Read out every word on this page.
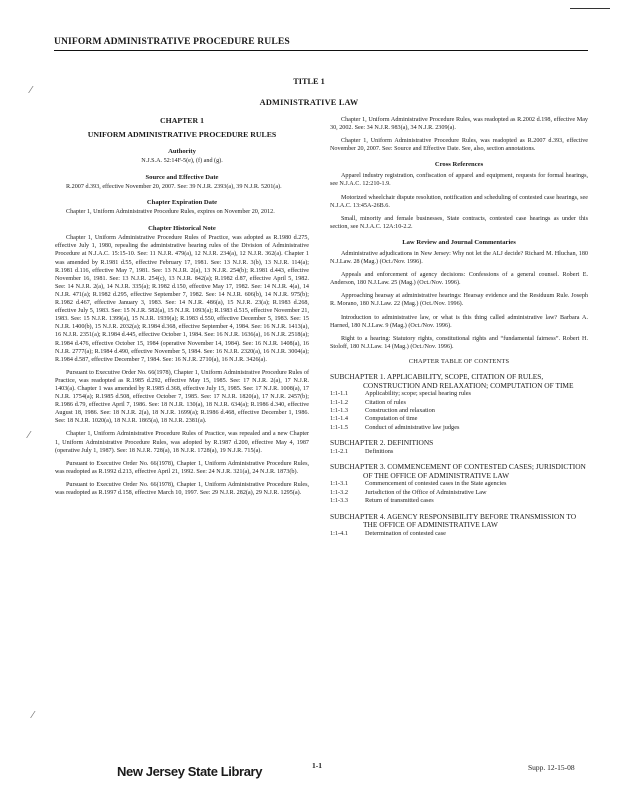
UNIFORM ADMINISTRATIVE PROCEDURE RULES
TITLE 1
ADMINISTRATIVE LAW
⁄
⁄
⁄
CHAPTER 1
UNIFORM ADMINISTRATIVE PROCEDURE RULES
Authority
N.J.S.A. 52:14F-5(e), (f) and (g).
Source and Effective Date
R.2007 d.393, effective November 20, 2007. See: 39 N.J.R. 2393(a), 39 N.J.R. 5201(a).
Chapter Expiration Date
Chapter 1, Uniform Administrative Procedure Rules, expires on November 20, 2012.
Chapter Historical Note
Chapter 1, Uniform Administrative Procedure Rules of Practice, was adopted as R.1980 d.275, effective July 1, 1980, repealing the administrative hearing rules of the Division of Administrative Procedure at N.J.A.C. 15:15-10. See: 11 N.J.R. 479(a), 12 N.J.R. 234(a), 12 N.J.R. 362(a). Chapter 1 was amended by R.1981 d.55, effective February 17, 1981. See: 13 N.J.R. 3(b), 13 N.J.R. 114(a); R.1981 d.116, effective May 7, 1981. See: 13 N.J.R. 2(a), 13 N.J.R. 254(b); R.1981 d.443, effective November 16, 1981. See: 13 N.J.R. 254(c), 13 N.J.R. 842(a); R.1982 d.87, effective April 5, 1982. See: 14 N.J.R. 2(a), 14 N.J.R. 335(a); R.1982 d.150, effective May 17, 1982. See: 14 N.J.R. 4(a), 14 N.J.R. 471(a); R.1982 d.295, effective September 7, 1982. See: 14 N.J.R. 606(b), 14 N.J.R. 975(b); R.1982 d.467, effective January 3, 1983. See: 14 N.J.R. 486(a), 15 N.J.R. 23(a); R.1983 d.268, effective July 5, 1983. See: 15 N.J.R. 582(a), 15 N.J.R. 1093(a); R.1983 d.515, effective November 21, 1983. See: 15 N.J.R. 1399(a), 15 N.J.R. 1939(a); R.1983 d.550, effective December 5, 1983. See: 15 N.J.R. 1400(b), 15 N.J.R. 2032(a); R.1984 d.368, effective September 4, 1984. See: 16 N.J.R. 1413(a), 16 N.J.R. 2351(a); R.1984 d.445, effective October 1, 1984. See: 16 N.J.R. 1636(a), 16 N.J.R. 2518(a); R.1984 d.476, effective October 15, 1984 (operative November 14, 1984). See: 16 N.J.R. 1408(a), 16 N.J.R. 2777(a); R.1984 d.490, effective November 5, 1984. See: 16 N.J.R. 2320(a), 16 N.J.R. 3004(a); R.1984 d.587, effective December 7, 1984. See: 16 N.J.R. 2710(a), 16 N.J.R. 3426(a).
Pursuant to Executive Order No. 66(1978), Chapter 1, Uniform Administrative Procedure Rules of Practice, was readopted as R.1985 d.292, effective May 15, 1985. See: 17 N.J.R. 2(a), 17 N.J.R. 1403(a). Chapter 1 was amended by R.1985 d.368, effective July 15, 1985. See: 17 N.J.R. 1008(a), 17 N.J.R. 1754(a); R.1985 d.508, effective October 7, 1985. See: 17 N.J.R. 1820(a), 17 N.J.R. 2457(b); R.1986 d.79, effective April 7, 1986. See: 18 N.J.R. 130(a), 18 N.J.R. 634(a); R.1986 d.340, effective August 18, 1986. See: 18 N.J.R. 2(a), 18 N.J.R. 1699(a); R.1986 d.468, effective December 1, 1986. See: 18 N.J.R. 1020(a), 18 N.J.R. 1865(a), 18 N.J.R. 2381(a).
Chapter 1, Uniform Administrative Procedure Rules of Practice, was repealed and a new Chapter 1, Uniform Administrative Procedure Rules, was adopted by R.1987 d.200, effective May 4, 1987 (operative July 1, 1987). See: 18 N.J.R. 728(a), 18 N.J.R. 1728(a), 19 N.J.R. 715(a).
Pursuant to Executive Order No. 66(1978), Chapter 1, Uniform Administrative Procedure Rules, was readopted as R.1992 d.213, effective April 21, 1992. See: 24 N.J.R. 321(a), 24 N.J.R. 1873(b).
Pursuant to Executive Order No. 66(1978), Chapter 1, Uniform Administrative Procedure Rules, was readopted as R.1997 d.158, effective March 10, 1997. See: 29 N.J.R. 282(a), 29 N.J.R. 1295(a).
Chapter 1, Uniform Administrative Procedure Rules, was readopted as R.2002 d.198, effective May 30, 2002. See: 34 N.J.R. 983(a), 34 N.J.R. 2309(a).
Chapter 1, Uniform Administrative Procedure Rules, was readopted as R.2007 d.393, effective November 20, 2007. See: Source and Effective Date. See, also, section annotations.
Cross References
Apparel industry registration, confiscation of apparel and equipment, requests for formal hearings, see N.J.A.C. 12:210-1.9.
Motorized wheelchair dispute resolution, notification and scheduling of contested case hearings, see N.J.A.C. 13:45A-26B.6.
Small, minority and female businesses, State contracts, contested case hearings as under this section, see N.J.A.C. 12A:10-2.2.
Law Review and Journal Commentaries
Administrative adjudications in New Jersey: Why not let the ALJ decide? Richard M. Hluchan, 180 N.J.Law. 28 (Mag.) (Oct./Nov. 1996).
Appeals and enforcement of agency decisions: Confessions of a general counsel. Robert E. Anderson, 180 N.J.Law. 25 (Mag.) (Oct./Nov. 1996).
Approaching hearsay at administrative hearings: Hearsay evidence and the Residuum Rule. Joseph R. Morano, 180 N.J.Law. 22 (Mag.) (Oct./Nov. 1996).
Introduction to administrative law, or what is this thing called administrative law? Barbara A. Harned, 180 N.J.Law. 9 (Mag.) (Oct./Nov. 1996).
Right to a hearing: Statutory rights, constitutional rights and “fundamental fairness”. Robert H. Stoloff, 180 N.J.Law. 14 (Mag.) (Oct./Nov. 1996).
CHAPTER TABLE OF CONTENTS
SUBCHAPTER 1. APPLICABILITY, SCOPE, CITATION OF RULES, CONSTRUCTION AND RELAXATION; COMPUTATION OF TIME
1:1-1.1	Applicability; scope; special hearing rules
1:1-1.2	Citation of rules
1:1-1.3	Construction and relaxation
1:1-1.4	Computation of time
1:1-1.5	Conduct of administrative law judges
SUBCHAPTER 2. DEFINITIONS
1:1-2.1	Definitions
SUBCHAPTER 3. COMMENCEMENT OF CONTESTED CASES; JURISDICTION OF THE OFFICE OF ADMINISTRATIVE LAW
1:1-3.1	Commencement of contested cases in the State agencies
1:1-3.2	Jurisdiction of the Office of Administrative Law
1:1-3.3	Return of transmitted cases
SUBCHAPTER 4. AGENCY RESPONSIBILITY BEFORE TRANSMISSION TO THE OFFICE OF ADMINISTRATIVE LAW
1:1-4.1	Determination of contested case
New Jersey State Library	1-1	Supp. 12-15-08
